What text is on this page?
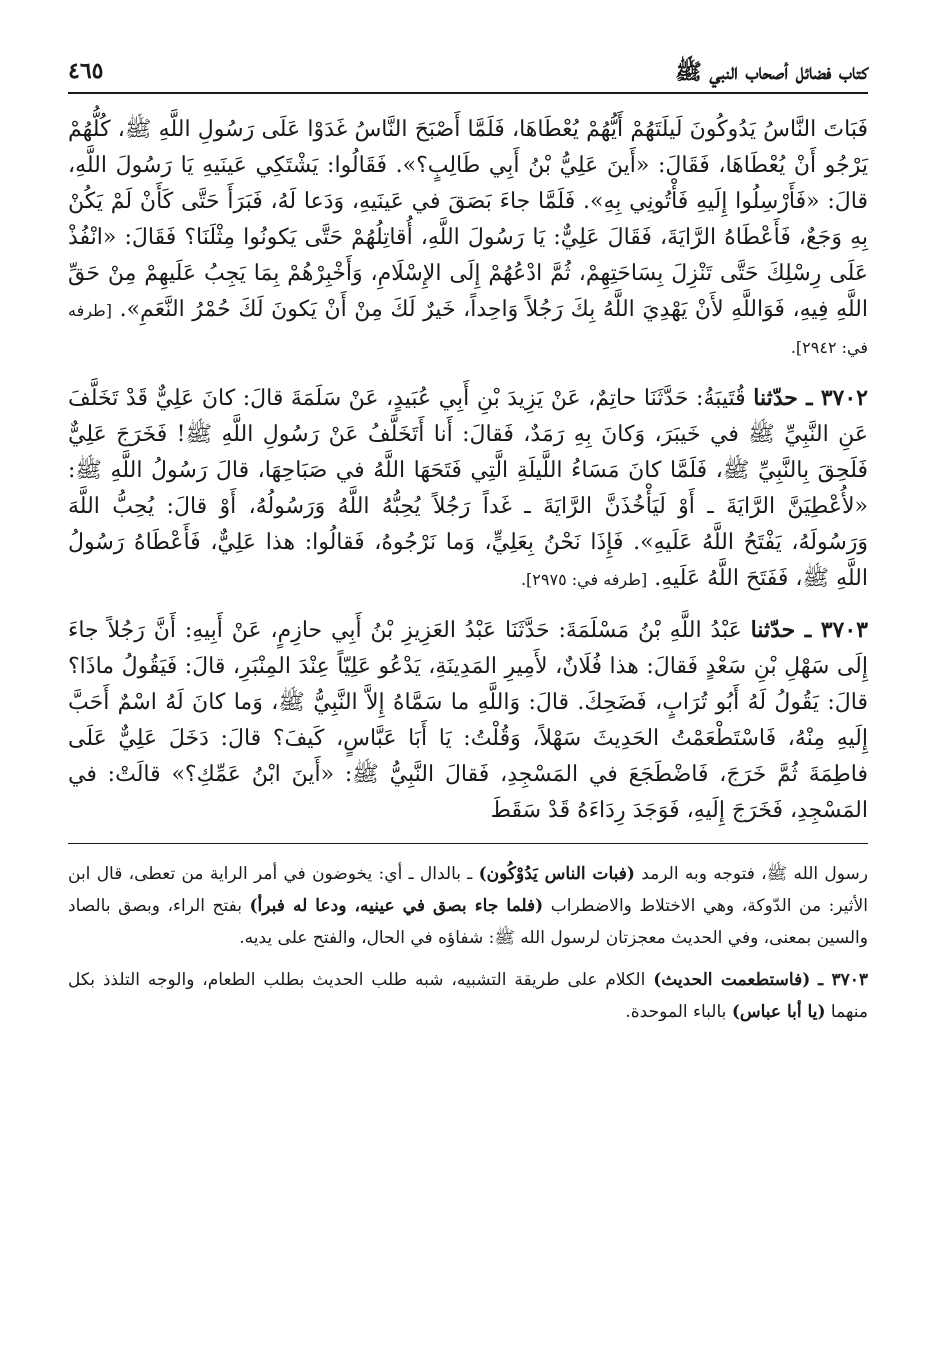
كتاب فضائل أصحاب النبي ﷺ
٤٦٥

فَبَاتَ النَّاسُ يَدُوكُونَ لَيلَتَهُمْ أَيُّهُمْ يُعْطَاهَا، فَلَمَّا أَصْبَحَ النَّاسُ غَدَوْا عَلَى رَسُولِ اللَّهِ ﷺ، كُلُّهُمْ يَرْجُو أَنْ يُعْطَاهَا، فَقَالَ: «أَينَ عَلِيُّ بْنُ أَبِي طَالِبٍ؟». فَقَالُوا: يَشْتَكِي عَينَيهِ يَا رَسُولَ اللَّهِ، قالَ: «فَأَرْسِلُوا إِلَيهِ فَأْتُونِي بِهِ». فَلَمَّا جاءَ بَصَقَ في عَينَيهِ، وَدَعا لَهُ، فَبَرَأَ حَتَّى كَأَنْ لَمْ يَكُنْ بِهِ وَجَعٌ، فَأَعْطَاهُ الرَّايَةَ، فَقَالَ عَلِيٌّ: يَا رَسُولَ اللَّهِ، أُقاتِلُهُمْ حَتَّى يَكونُوا مِثْلَنَا؟ فَقَالَ: «انْفُذْ عَلَى رِسْلِكَ حَتَّى تَنْزِلَ بِسَاحَتِهِمْ، ثُمَّ ادْعُهُمْ إِلَى الإِسْلَامِ، وَأَخْبِرْهُمْ بِمَا يَجِبُ عَلَيهِمْ مِنْ حَقِّ اللَّهِ فِيهِ، فَوَاللَّهِ لأَنْ يَهْدِيَ اللَّهُ بِكَ رَجُلاً وَاحِداً، خَيرٌ لَكَ مِنْ أَنْ يَكونَ لَكَ حُمْرُ النَّعَمِ». [طرفه في: ٢٩٤٢].

٣٧٠٢ ـ حدّثنا قُتَيبَةُ: حَدَّثَنَا حاتِمٌ، عَنْ يَزِيدَ بْنِ أَبِي عُبَيدٍ، عَنْ سَلَمَةَ قالَ: كانَ عَلِيٌّ قَدْ تَخَلَّفَ عَنِ النَّبِيِّ ﷺ في خَيبَرَ، وَكانَ بِهِ رَمَدٌ، فَقالَ: أَنا أَتَخَلَّفُ عَنْ رَسُولِ اللَّهِ ﷺ! فَخَرَجَ عَلِيٌّ فَلَحِقَ بِالنَّبِيِّ ﷺ، فَلَمَّا كانَ مَسَاءُ اللَّيلَةِ الَّتِي فَتَحَهَا اللَّهُ في صَبَاحِهَا، قالَ رَسُولُ اللَّهِ ﷺ: «لأُعْطِيَنَّ الرَّايَةَ ـ أَوْ لَيَأْخُذَنَّ الرَّايَةَ ـ غَداً رَجُلاً يُحِبُّهُ اللَّهُ وَرَسُولُهُ، أَوْ قالَ: يُحِبُّ اللَّهَ وَرَسُولَهُ، يَفْتَحُ اللَّهُ عَلَيهِ». فَإِذَا نَحْنُ بِعَلِيٍّ، وَما نَرْجُوهُ، فَقالُوا: هذا عَلِيٌّ، فَأَعْطَاهُ رَسُولُ اللَّهِ ﷺ، فَفَتَحَ اللَّهُ عَلَيهِ. [طرفه في: ٢٩٧٥].

٣٧٠٣ ـ حدّثنا عَبْدُ اللَّهِ بْنُ مَسْلَمَةَ: حَدَّثَنَا عَبْدُ العَزِيزِ بْنُ أَبِي حازِمٍ، عَنْ أَبِيهِ: أَنَّ رَجُلاً جاءَ إِلَى سَهْلِ بْنِ سَعْدٍ فَقالَ: هذا فُلَانٌ، لأَمِيرِ المَدِينَةِ، يَدْعُو عَلِيّاً عِنْدَ المِنْبَرِ، قالَ: فَيَقُولُ ماذَا؟ قالَ: يَقُولُ لَهُ أَبُو تُرَابٍ، فَضَحِكَ. قالَ: وَاللَّهِ ما سَمَّاهُ إِلاَّ النَّبِيُّ ﷺ، وَما كانَ لَهُ اسْمٌ أَحَبَّ إِلَيهِ مِنْهُ، فَاسْتَطْعَمْتُ الحَدِيثَ سَهْلاً، وَقُلْتُ: يَا أَبَا عَبَّاسٍ، كَيفَ؟ قالَ: دَخَلَ عَلِيٌّ عَلَى فاطِمَةَ ثُمَّ خَرَجَ، فَاضْطَجَعَ في المَسْجِدِ، فَقالَ النَّبِيُّ ﷺ: «أَينَ ابْنُ عَمِّكِ؟» قالَتْ: في المَسْجِدِ، فَخَرَجَ إِلَيهِ، فَوَجَدَ رِدَاءَهُ قَدْ سَقَطَ

رسول الله ﷺ، فتوجه وبه الرمد (فبات الناس يَدُوْكُون) ـ بالدال ـ أي: يخوضون في أمر الراية من تعطى، قال ابن الأثير: من الدّوكة، وهي الاختلاط والاضطراب (فلما جاء بصق في عينيه، ودعا له فبرأ) بفتح الراء، وبصق بالصاد والسين بمعنى، وفي الحديث معجزتان لرسول الله ﷺ: شفاؤه في الحال، والفتح على يديه.

٣٧٠٣ ـ (فاستطعمت الحديث) الكلام على طريقة التشبيه، شبه طلب الحديث بطلب الطعام، والوجه التلذذ بكل منهما (يا أبا عباس) بالباء الموحدة.
